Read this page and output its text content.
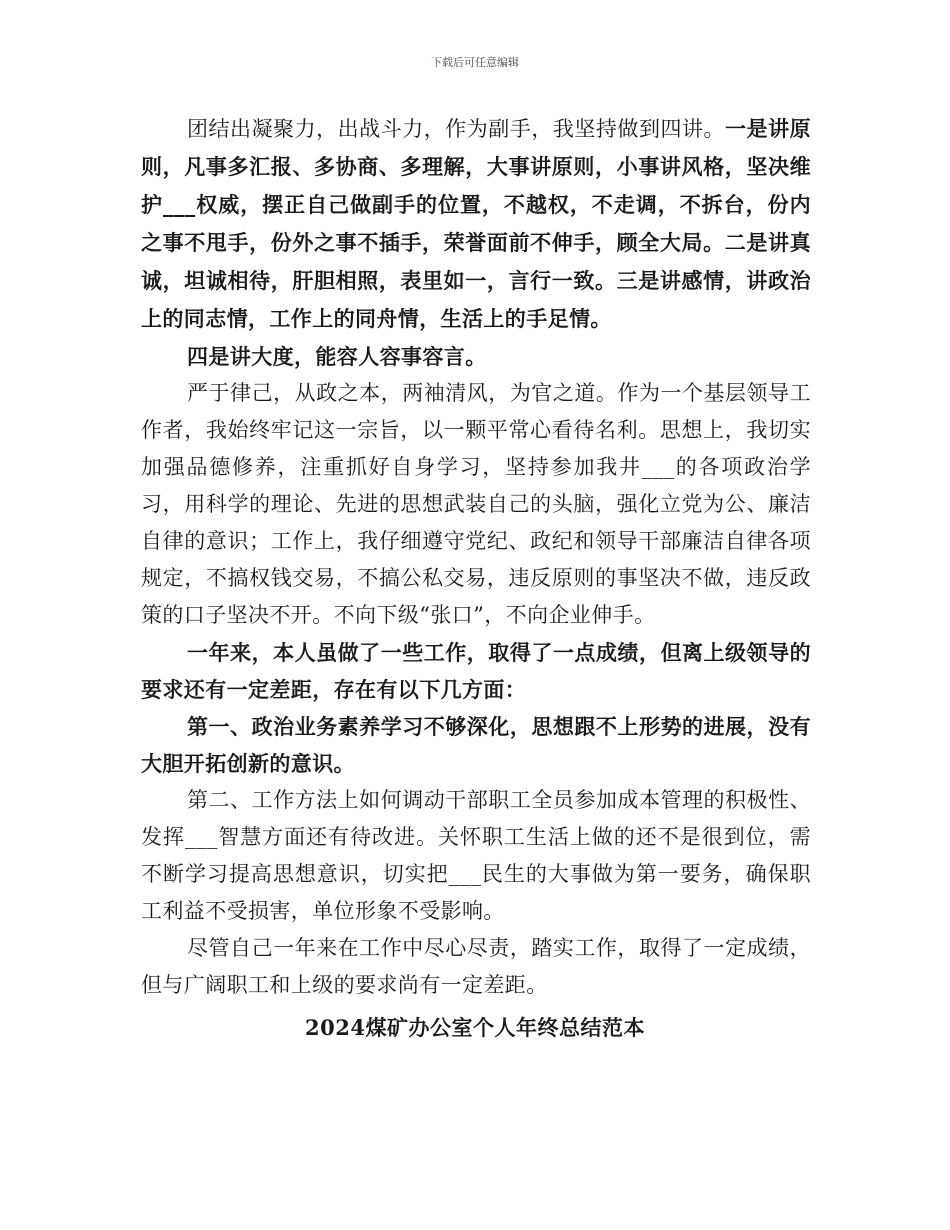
下载后可任意编辑

团结出凝聚力，出战斗力，作为副手，我坚持做到四讲。一是讲原则，凡事多汇报、多协商、多理解，大事讲原则，小事讲风格，坚决维护___权威，摆正自己做副手的位置，不越权，不走调，不拆台，份内之事不甩手，份外之事不插手，荣誉面前不伸手，顾全大局。二是讲真诚，坦诚相待，肝胆相照，表里如一，言行一致。三是讲感情，讲政治上的同志情，工作上的同舟情，生活上的手足情。

四是讲大度，能容人容事容言。

严于律己，从政之本，两袖清风，为官之道。作为一个基层领导工作者，我始终牢记这一宗旨，以一颗平常心看待名利。思想上，我切实加强品德修养，注重抓好自身学习，坚持参加我井___的各项政治学习，用科学的理论、先进的思想武装自己的头脑，强化立党为公、廉洁自律的意识；工作上，我仔细遵守党纪、政纪和领导干部廉洁自律各项规定，不搞权钱交易，不搞公私交易，违反原则的事坚决不做，违反政策的口子坚决不开。不向下级“张口”，不向企业伸手。

一年来，本人虽做了一些工作，取得了一点成绩，但离上级领导的要求还有一定差距，存在有以下几方面：

第一、政治业务素养学习不够深化，思想跟不上形势的进展，没有大胆开拓创新的意识。

第二、工作方法上如何调动干部职工全员参加成本管理的积极性、发挥___智慧方面还有待改进。关怀职工生活上做的还不是很到位，需不断学习提高思想意识，切实把___民生的大事做为第一要务，确保职工利益不受损害，单位形象不受影响。

尽管自己一年来在工作中尽心尽责，踏实工作，取得了一定成绩，但与广阔职工和上级的要求尚有一定差距。

2024煤矿办公室个人年终总结范本
